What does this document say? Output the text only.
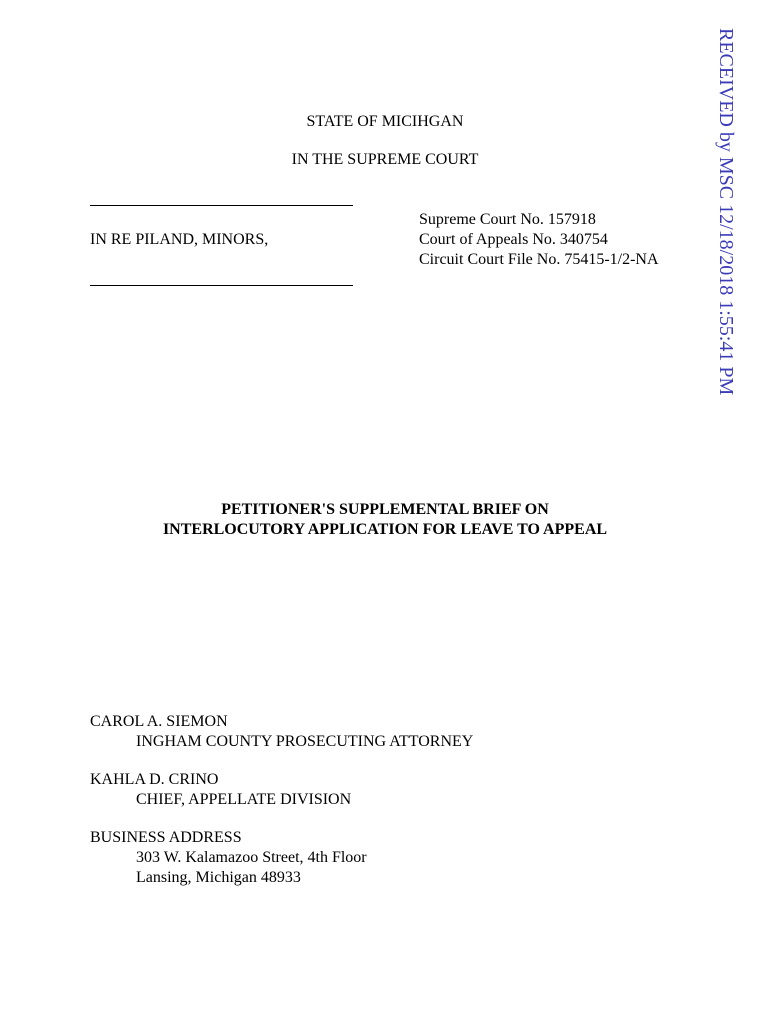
RECEIVED by MSC 12/18/2018 1:55:41 PM
STATE OF MICIHGAN
IN THE SUPREME COURT
IN RE PILAND, MINORS,
Supreme Court No. 157918
Court of Appeals No. 340754
Circuit Court File No. 75415-1/2-NA
PETITIONER'S SUPPLEMENTAL BRIEF ON
INTERLOCUTORY APPLICATION FOR LEAVE TO APPEAL
CAROL A. SIEMON
INGHAM COUNTY PROSECUTING ATTORNEY
KAHLA D. CRINO
CHIEF, APPELLATE DIVISION
BUSINESS ADDRESS
303 W. Kalamazoo Street, 4th Floor
Lansing, Michigan 48933
